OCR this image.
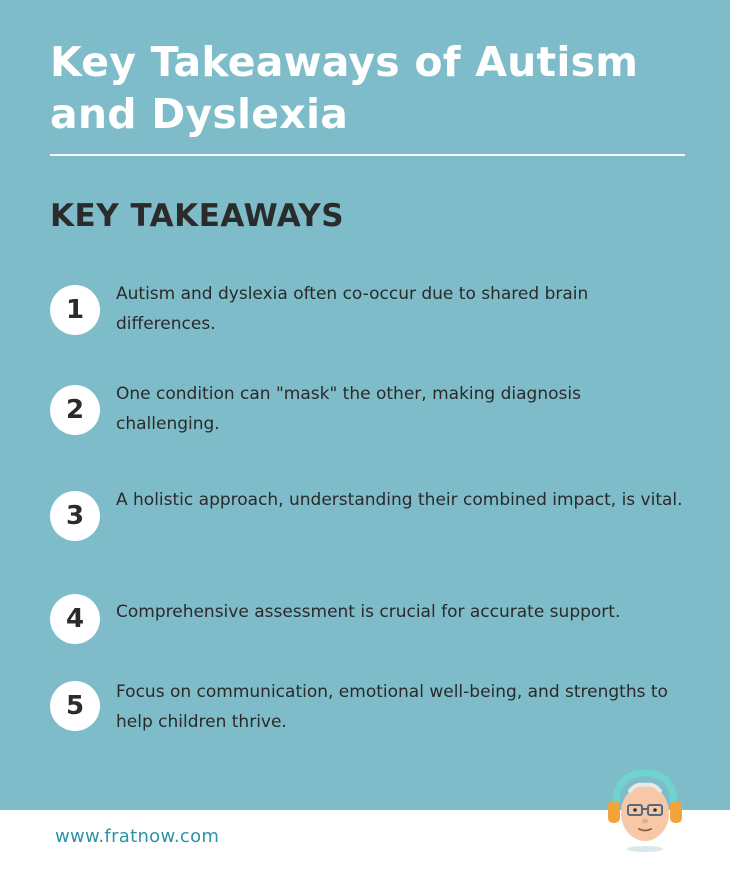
Key Takeaways of Autism and Dyslexia
KEY TAKEAWAYS
1
Autism and dyslexia often co-occur due to shared brain differences.
2
One condition can "mask" the other, making diagnosis challenging.
3
A holistic approach, understanding their combined impact, is vital.
4	Comprehensive assessment is crucial for accurate support.
5	Focus on communication, emotional well-being, and strengths to help children thrive.
www.fratnow.com
